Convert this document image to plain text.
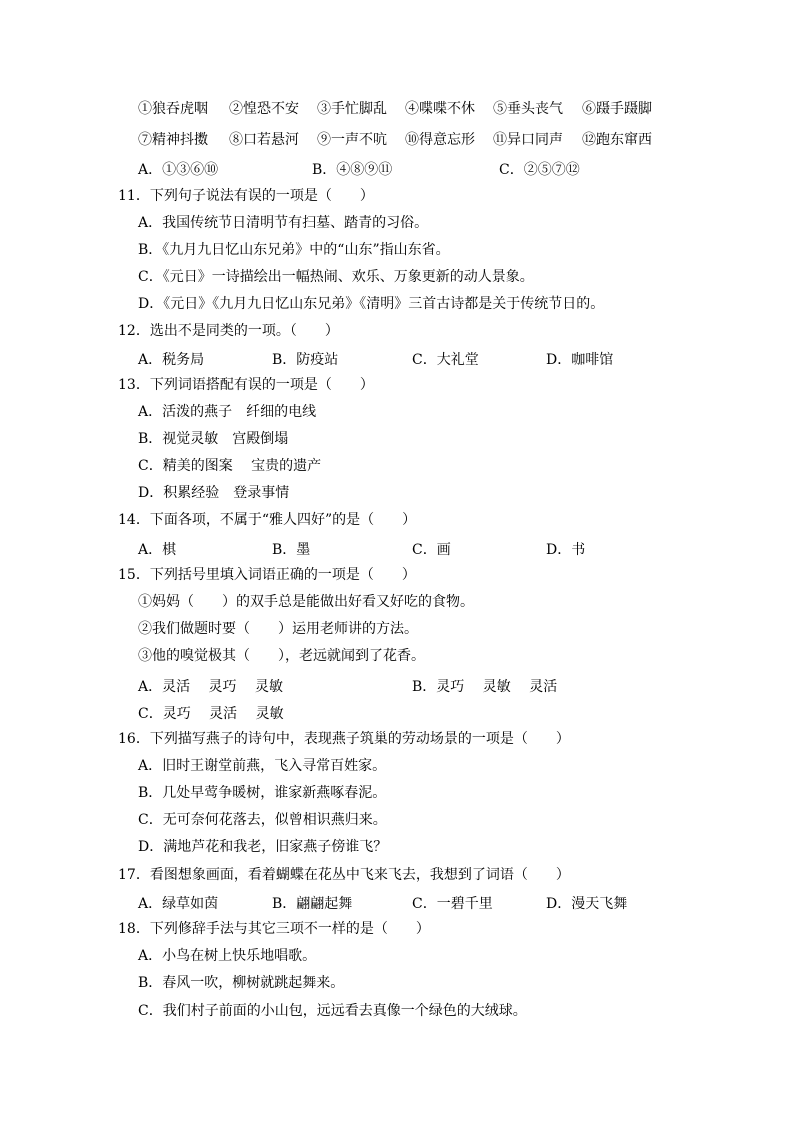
①狼吞虎咽 ②惶恐不安 ③手忙脚乱 ④喋喋不休 ⑤垂头丧气 ⑥蹑手蹑脚
⑦精神抖擞 ⑧口若悬河 ⑨一声不吭 ⑩得意忘形 ⑪异口同声 ⑫跑东窜西
A．①③⑥⑩	B．④⑧⑨⑪	C．②⑤⑦⑫
11．下列句子说法有误的一项是（　　）
A．我国传统节日清明节有扫墓、踏青的习俗。
B．《九月九日忆山东兄弟》中的“山东”指山东省。
C．《元日》一诗描绘出一幅热闹、欢乐、万象更新的动人景象。
D．《元日》《九月九日忆山东兄弟》《清明》三首古诗都是关于传统节日的。
12．选出不是同类的一项。（　　）
A．税务局	B．防疫站	C．大礼堂	D．咖啡馆
13．下列词语搭配有误的一项是（　　）
A．活泼的燕子　纤细的电线
B．视觉灵敏　宫殿倒塌
C．精美的图案　 宝贵的遗产
D．积累经验　登录事情
14．下面各项，不属于“雅人四好”的是（　　）
A．棋	B．墨	C．画	D．书
15．下列括号里填入词语正确的一项是（　　）
①妈妈（　　）的双手总是能做出好看又好吃的食物。
②我们做题时要（　　）运用老师讲的方法。
③他的嗅觉极其（　　），老远就闻到了花香。
A．灵活　 灵巧　 灵敏	B．灵巧　 灵敏　 灵活
C．灵巧　 灵活　 灵敏
16．下列描写燕子的诗句中，表现燕子筑巢的劳动场景的一项是（　　）
A．旧时王谢堂前燕，飞入寻常百姓家。
B．几处早莺争暖树，谁家新燕啄春泥。
C．无可奈何花落去，似曾相识燕归来。
D．满地芦花和我老，旧家燕子傍谁飞？
17．看图想象画面，看着蝴蝶在花丛中飞来飞去，我想到了词语（　　）
A．绿草如茵	B．翩翩起舞	C．一碧千里	D．漫天飞舞
18．下列修辞手法与其它三项不一样的是（　　）
A．小鸟在树上快乐地唱歌。
B．春风一吹，柳树就跳起舞来。
C．我们村子前面的小山包，远远看去真像一个绿色的大绒球。
